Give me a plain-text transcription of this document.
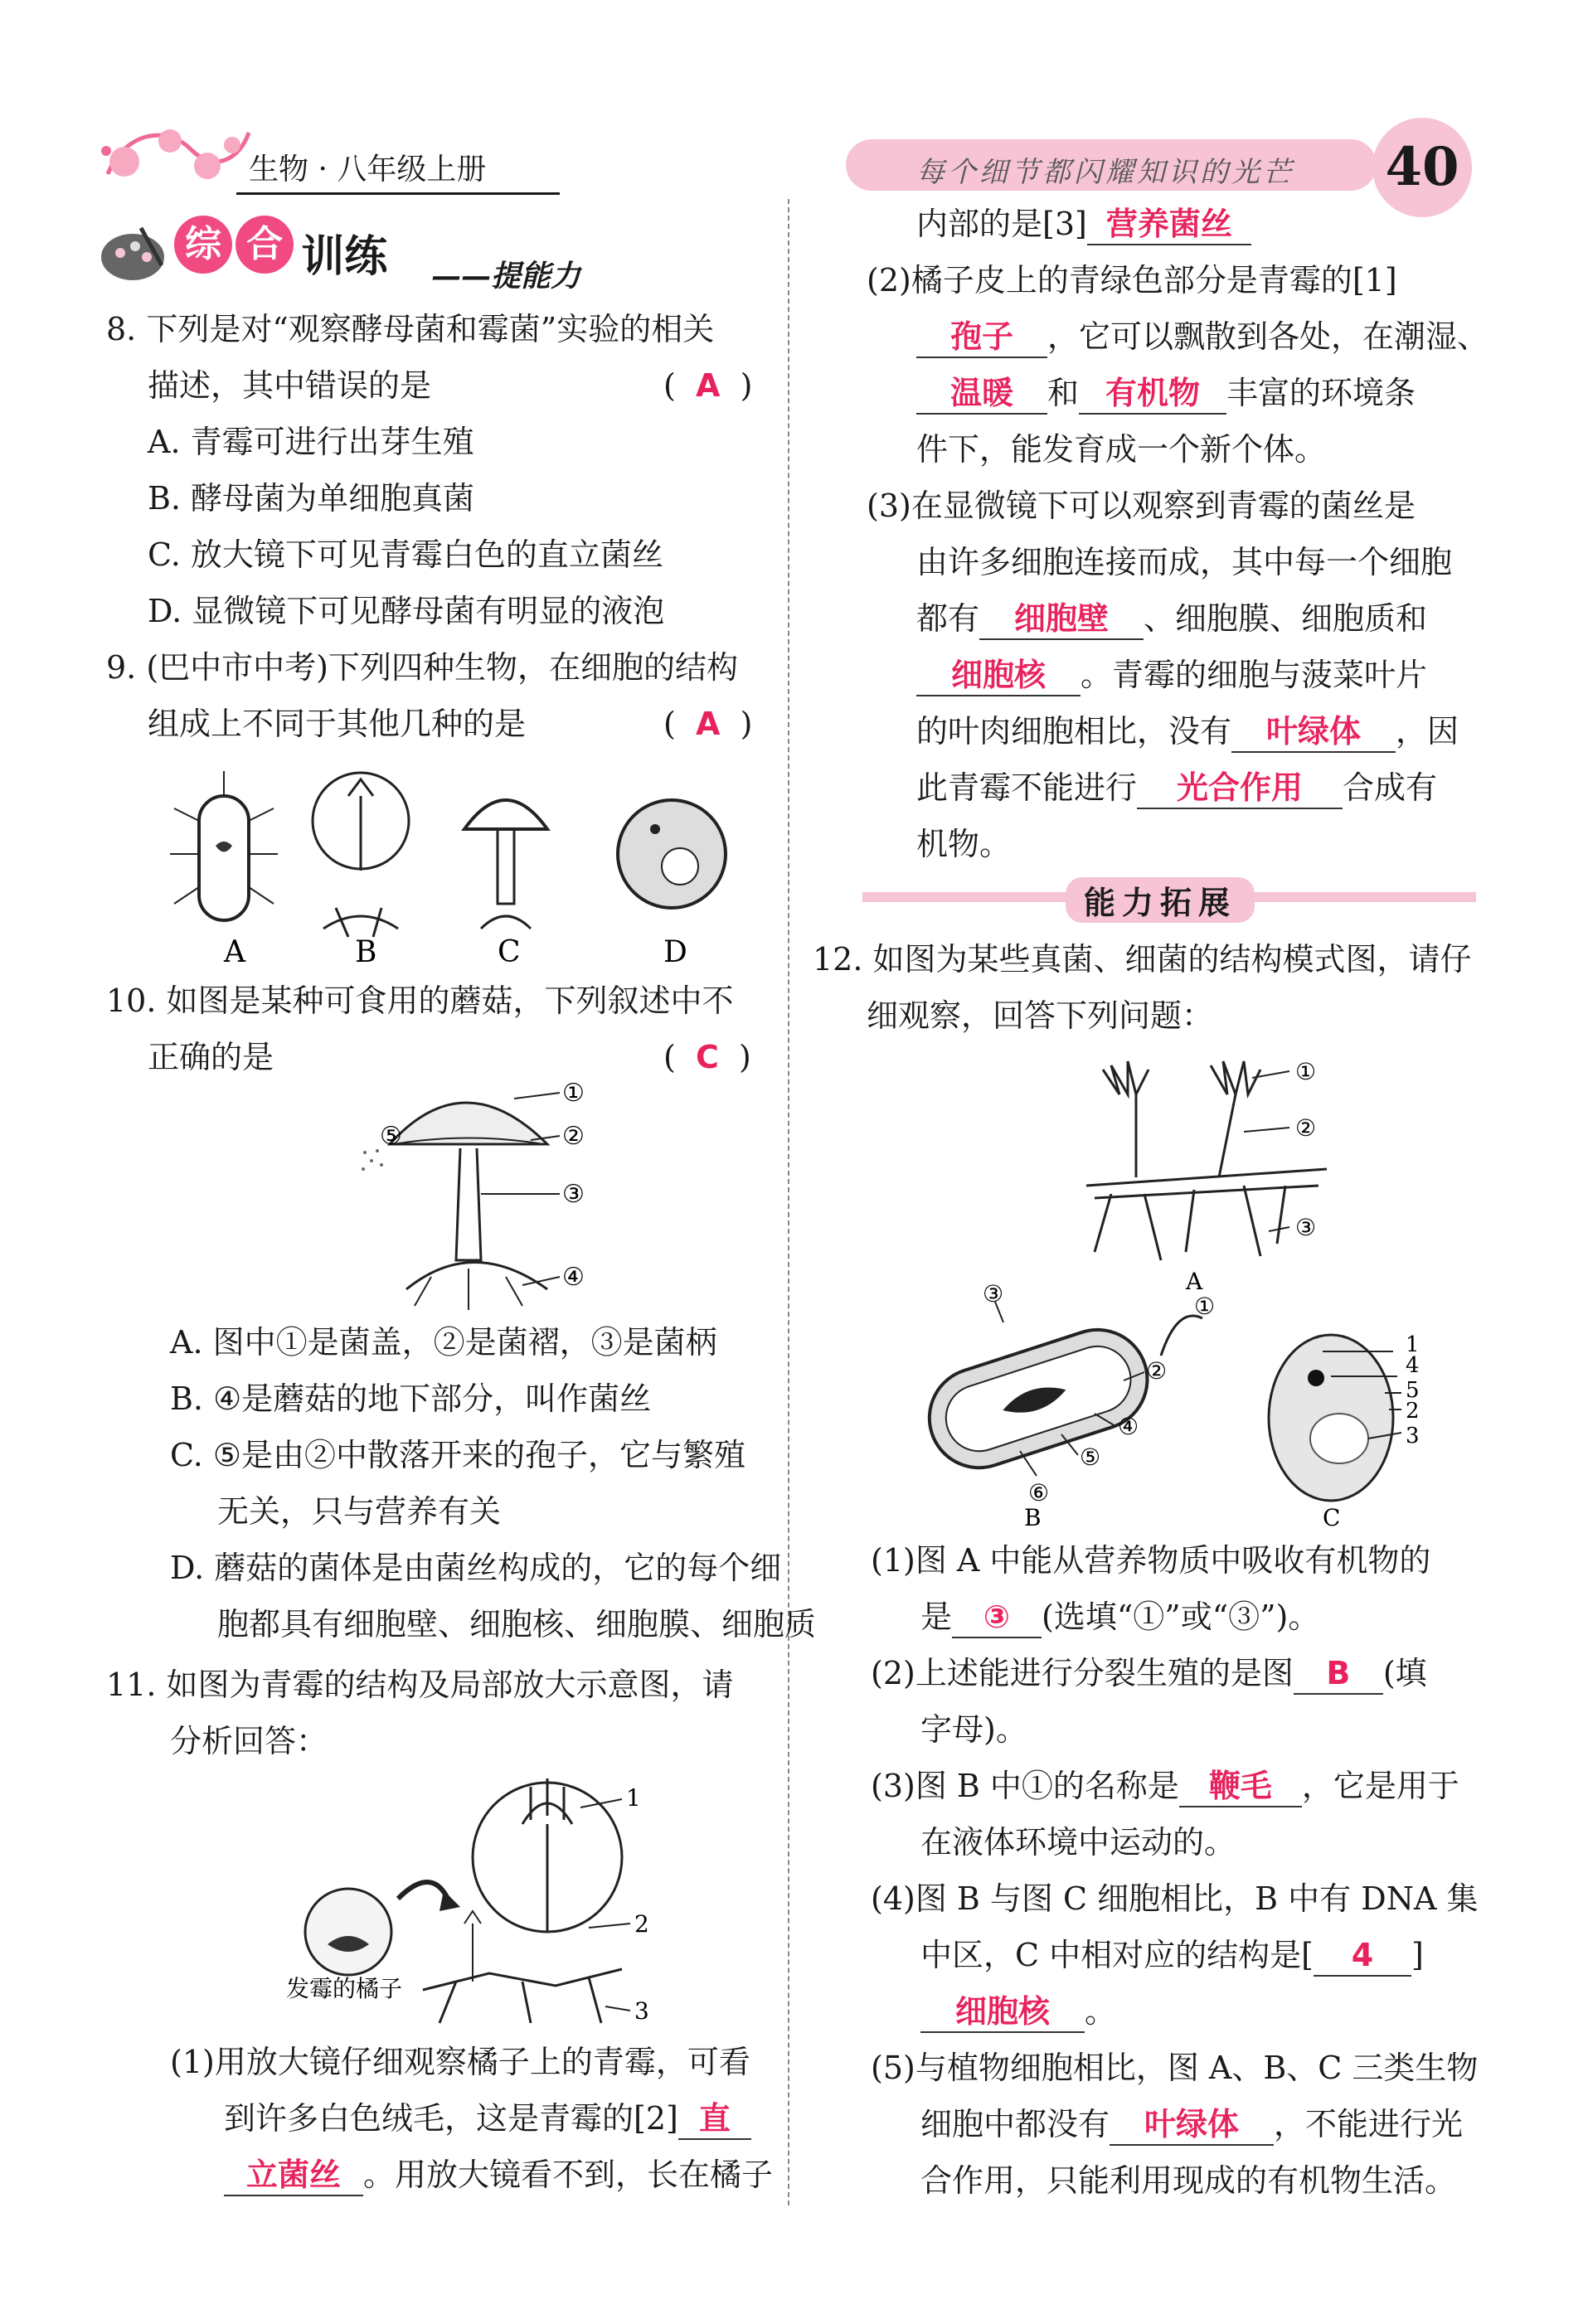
生物 · 八年级上册	每个细节都闪耀知识的光芒 40
综 合 训练 ——提能力
8. 下列是对“观察酵母菌和霉菌”实验的相关
描述，其中错误的是	(  A  )
A. 青霉可进行出芽生殖
B. 酵母菌为单细胞真菌
C. 放大镜下可见青霉白色的直立菌丝
D. 显微镜下可见酵母菌有明显的液泡
9. (巴中市中考)下列四种生物，在细胞的结构
组成上不同于其他几种的是	(  A  )
A	B	C	D
10. 如图是某种可食用的蘑菇，下列叙述中不
正确的是	(  C  )
①
②
③
④
⑤
A. 图中①是菌盖，②是菌褶，③是菌柄
B. ④是蘑菇的地下部分，叫作菌丝
C. ⑤是由②中散落开来的孢子，它与繁殖
无关，只与营养有关
D. 蘑菇的菌体是由菌丝构成的，它的每个细
胞都具有细胞壁、细胞核、细胞膜、细胞质
11. 如图为青霉的结构及局部放大示意图，请
分析回答：
1
2
3
发霉的橘子
(1)用放大镜仔细观察橘子上的青霉，可看
到许多白色绒毛，这是青霉的[2] 直
立菌丝 。用放大镜看不到，长在橘子
内部的是[3] 营养菌丝
(2)橘子皮上的青绿色部分是青霉的[1]
孢子 ，它可以飘散到各处，在潮湿、
温暖 和 有机物 丰富的环境条
件下，能发育成一个新个体。
(3)在显微镜下可以观察到青霉的菌丝是
由许多细胞连接而成，其中每一个细胞
都有 细胞壁 、细胞膜、细胞质和
细胞核 。青霉的细胞与菠菜叶片
的叶肉细胞相比，没有 叶绿体 ，因
此青霉不能进行 光合作用 合成有
机物。
能力拓展
12. 如图为某些真菌、细菌的结构模式图，请仔
细观察，回答下列问题：
①
②
③
A
③	①
②
④
⑤
⑥
B
1
4
5
2
3
C
(1)图 A 中能从营养物质中吸收有机物的
是 ③ (选填“①”或“③”)。
(2)上述能进行分裂生殖的是图 B (填
字母)。
(3)图 B 中①的名称是 鞭毛 ，它是用于
在液体环境中运动的。
(4)图 B 与图 C 细胞相比，B 中有 DNA 集
中区，C 中相对应的结构是[ 4 ]
细胞核 。
(5)与植物细胞相比，图 A、B、C 三类生物
细胞中都没有 叶绿体 ，不能进行光
合作用，只能利用现成的有机物生活。
